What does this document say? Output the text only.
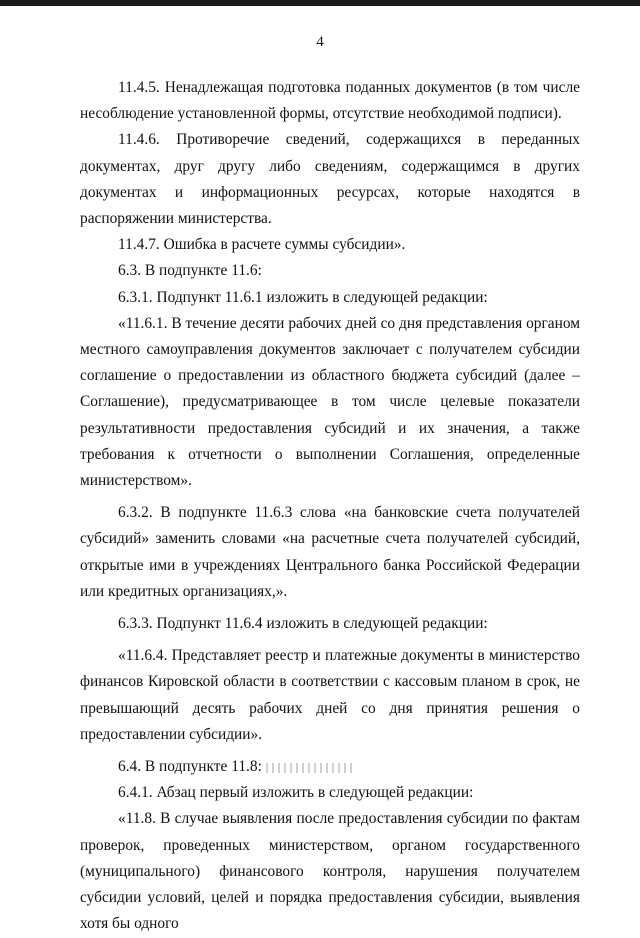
4

11.4.5. Ненадлежащая подготовка поданных документов (в том числе несоблюдение установленной формы, отсутствие необходимой подписи).

11.4.6. Противоречие сведений, содержащихся в переданных документах, друг другу либо сведениям, содержащимся в других документах и информационных ресурсах, которые находятся в распоряжении министерства.

11.4.7. Ошибка в расчете суммы субсидии».

6.3. В подпункте 11.6:

6.3.1. Подпункт 11.6.1 изложить в следующей редакции:

«11.6.1. В течение десяти рабочих дней со дня представления органом местного самоуправления документов заключает с получателем субсидии соглашение о предоставлении из областного бюджета субсидий (далее – Соглашение), предусматривающее в том числе целевые показатели результативности предоставления субсидий и их значения, а также требования к отчетности о выполнении Соглашения, определенные министерством».

6.3.2. В подпункте 11.6.3 слова «на банковские счета получателей субсидий» заменить словами «на расчетные счета получателей субсидий, открытые ими в учреждениях Центрального банка Российской Федерации или кредитных организациях,».

6.3.3. Подпункт 11.6.4 изложить в следующей редакции:

«11.6.4. Представляет реестр и платежные документы в министерство финансов Кировской области в соответствии с кассовым планом в срок, не превышающий десять рабочих дней со дня принятия решения о предоставлении субсидии».

6.4. В подпункте 11.8:

6.4.1. Абзац первый изложить в следующей редакции:

«11.8. В случае выявления после предоставления субсидии по фактам проверок, проведенных министерством, органом государственного (муниципального) финансового контроля, нарушения получателем субсидии условий, целей и порядка предоставления субсидии, выявления хотя бы одного
